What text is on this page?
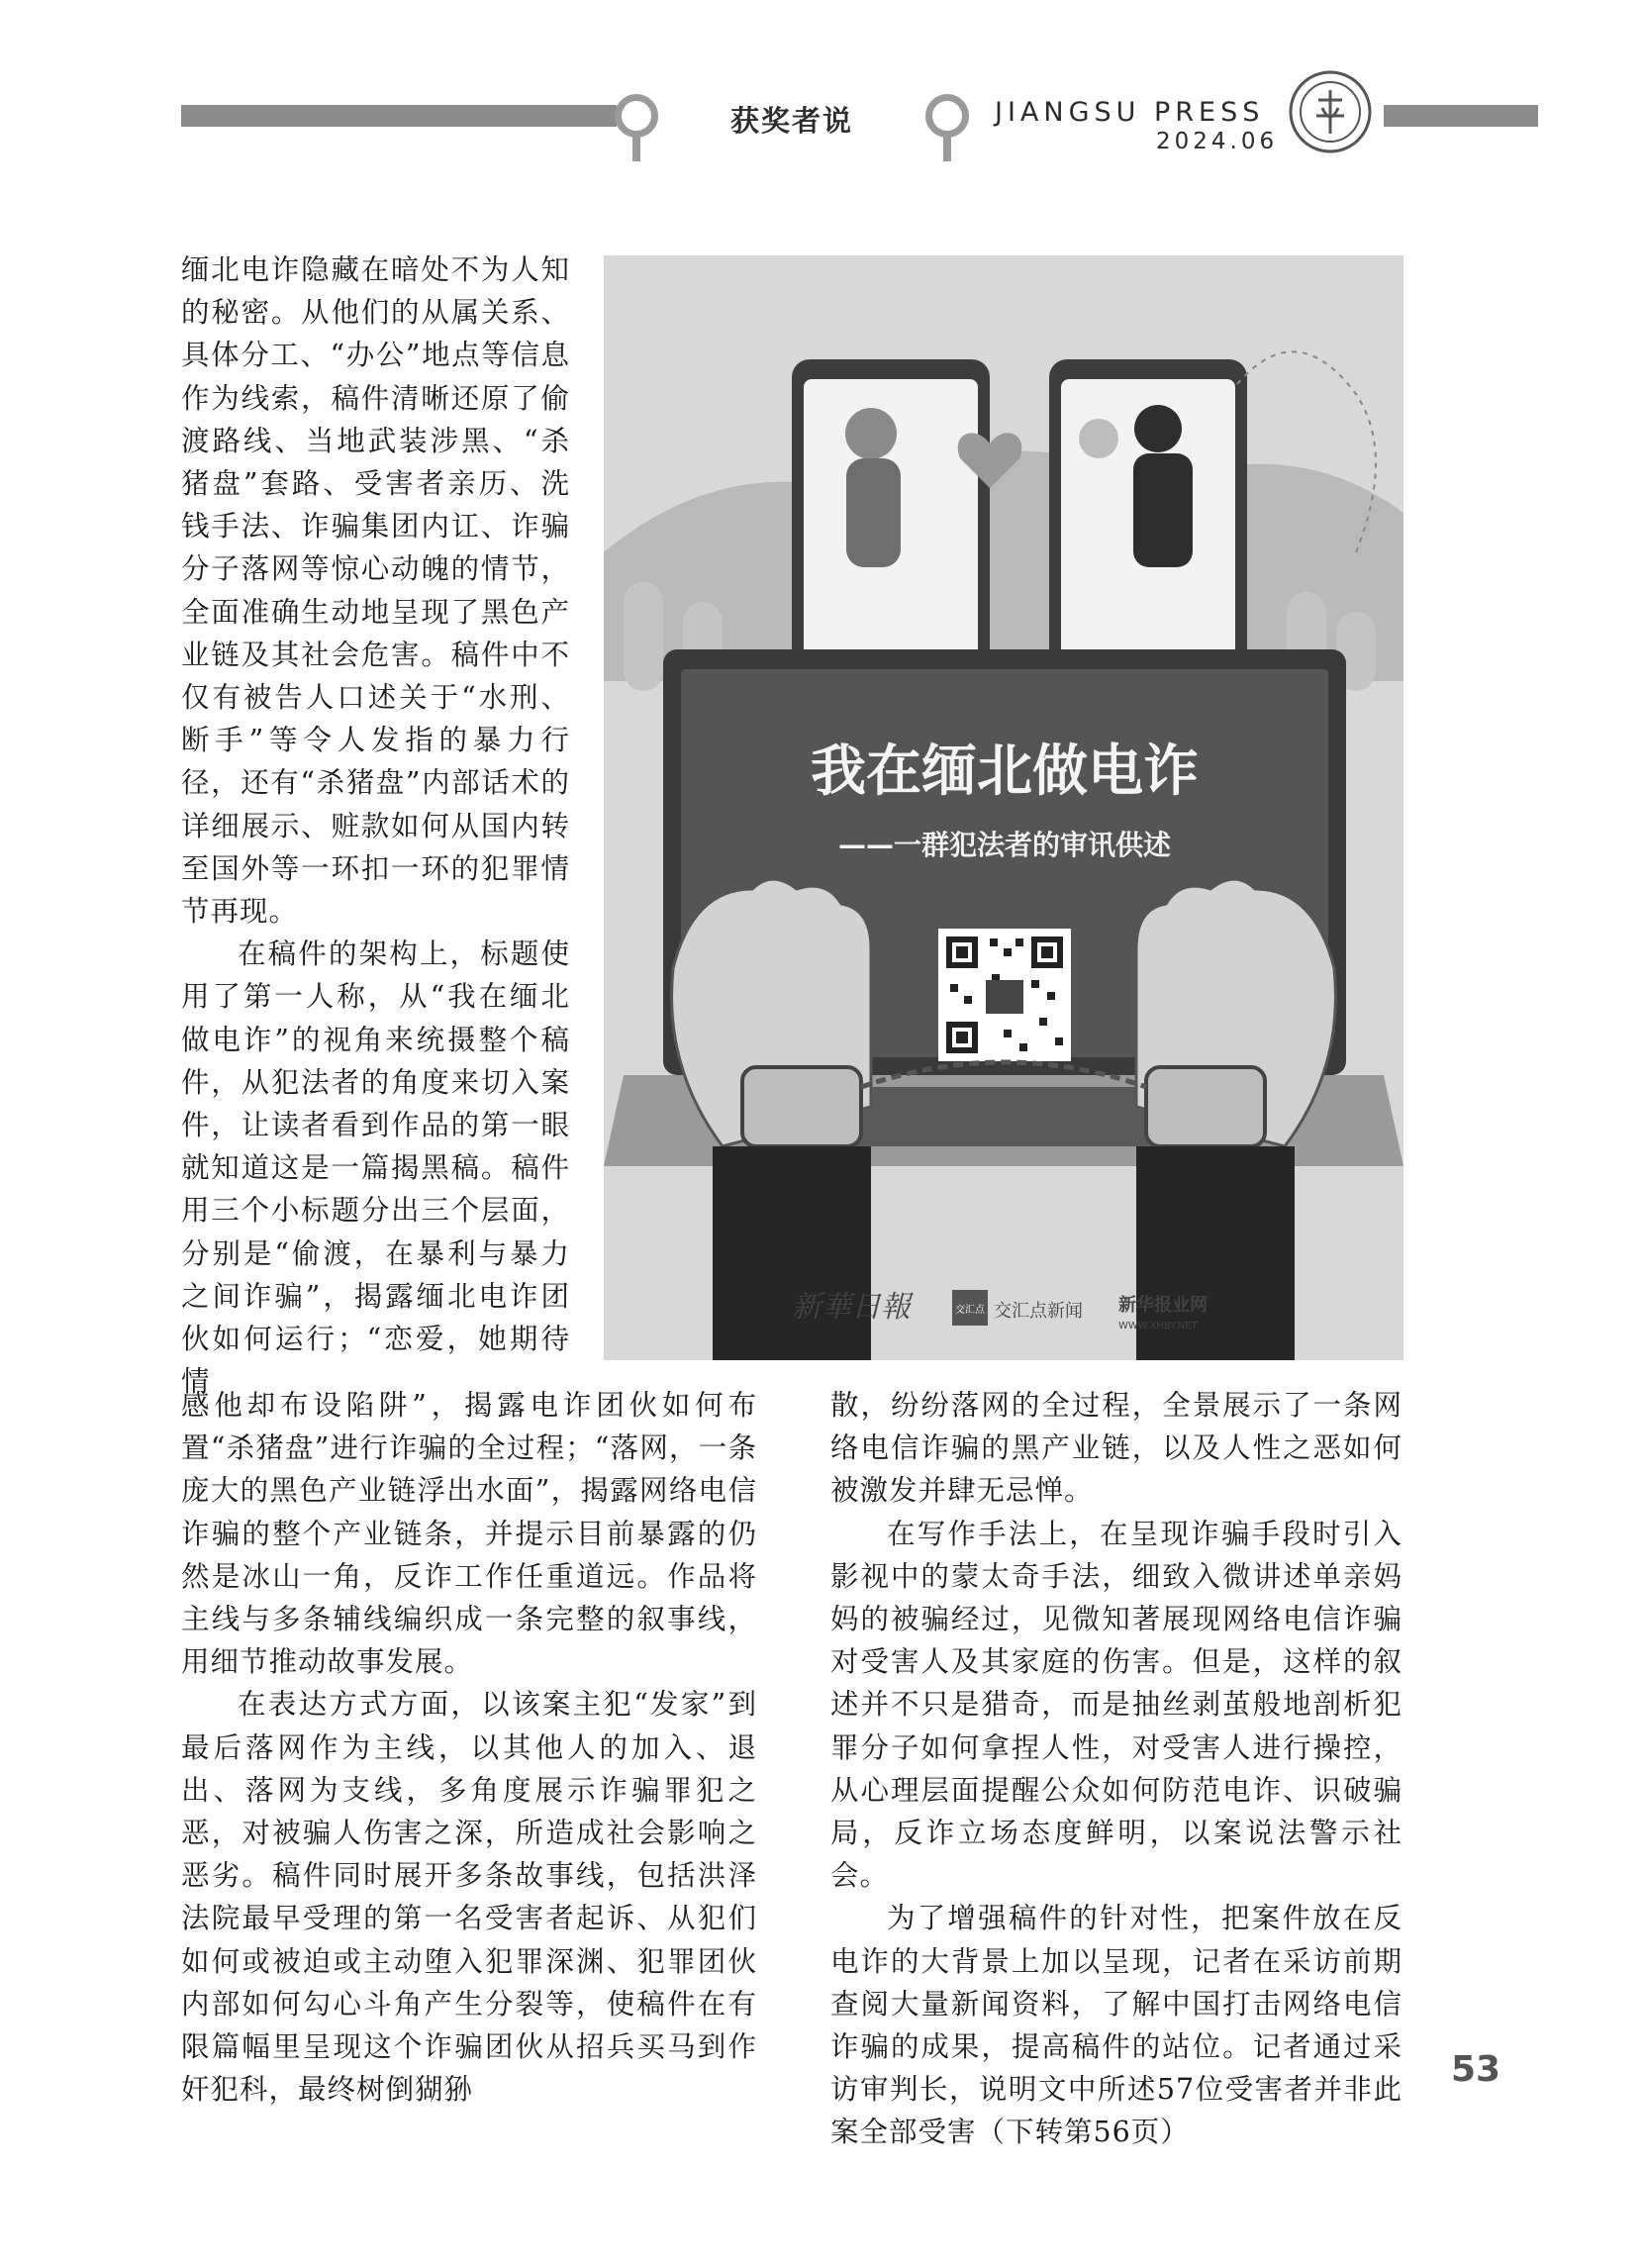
获奖者说	JIANGSU PRESS
2024.06

缅北电诈隐藏在暗处不为人知的秘密。从他们的从属关系、具体分工、“办公”地点等信息作为线索，稿件清晰还原了偷渡路线、当地武装涉黑、“杀猪盘”套路、受害者亲历、洗钱手法、诈骗集团内讧、诈骗分子落网等惊心动魄的情节，全面准确生动地呈现了黑色产业链及其社会危害。稿件中不仅有被告人口述关于“水刑、断手”等令人发指的暴力行径，还有“杀猪盘”内部话术的详细展示、赃款如何从国内转至国外等一环扣一环的犯罪情节再现。

在稿件的架构上，标题使用了第一人称，从“我在缅北做电诈”的视角来统摄整个稿件，从犯法者的角度来切入案件，让读者看到作品的第一眼就知道这是一篇揭黑稿。稿件用三个小标题分出三个层面，分别是“偷渡，在暴利与暴力之间诈骗”，揭露缅北电诈团伙如何运行；“恋爱，她期待情

我在缅北做电诈
——一群犯法者的审讯供述
新華日報	交汇点 交汇点新闻 新华报业网
WWW.XHBY.NET

感他却布设陷阱”，揭露电诈团伙如何布置“杀猪盘”进行诈骗的全过程；“落网，一条庞大的黑色产业链浮出水面”，揭露网络电信诈骗的整个产业链条，并提示目前暴露的仍然是冰山一角，反诈工作任重道远。作品将主线与多条辅线编织成一条完整的叙事线，用细节推动故事发展。

在表达方式方面，以该案主犯“发家”到最后落网作为主线，以其他人的加入、退出、落网为支线，多角度展示诈骗罪犯之恶，对被骗人伤害之深，所造成社会影响之恶劣。稿件同时展开多条故事线，包括洪泽法院最早受理的第一名受害者起诉、从犯们如何或被迫或主动堕入犯罪深渊、犯罪团伙内部如何勾心斗角产生分裂等，使稿件在有限篇幅里呈现这个诈骗团伙从招兵买马到作奸犯科，最终树倒猢狲

散，纷纷落网的全过程，全景展示了一条网络电信诈骗的黑产业链，以及人性之恶如何被激发并肆无忌惮。

在写作手法上，在呈现诈骗手段时引入影视中的蒙太奇手法，细致入微讲述单亲妈妈的被骗经过，见微知著展现网络电信诈骗对受害人及其家庭的伤害。但是，这样的叙述并不只是猎奇，而是抽丝剥茧般地剖析犯罪分子如何拿捏人性，对受害人进行操控，从心理层面提醒公众如何防范电诈、识破骗局，反诈立场态度鲜明，以案说法警示社会。

为了增强稿件的针对性，把案件放在反电诈的大背景上加以呈现，记者在采访前期查阅大量新闻资料，了解中国打击网络电信诈骗的成果，提高稿件的站位。记者通过采访审判长，说明文中所述57位受害者并非此案全部受害（下转第56页）

53
